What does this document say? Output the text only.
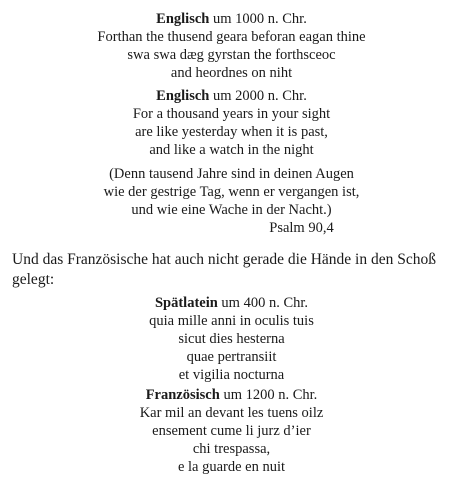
Englisch um 1000 n. Chr.
Forthan the thusend geara beforan eagan thine
swa swa dæg gyrstan the forthsceoc
and heordnes on niht
Englisch um 2000 n. Chr.
For a thousand years in your sight
are like yesterday when it is past,
and like a watch in the night
(Denn tausend Jahre sind in deinen Augen
wie der gestrige Tag, wenn er vergangen ist,
und wie eine Wache in der Nacht.)
Psalm 90,4
Und das Französische hat auch nicht gerade die Hände in den Schoß gelegt:
Spätlatein um 400 n. Chr.
quia mille anni in oculis tuis
sicut dies hesterna
quae pertransiit
et vigilia nocturna
Französisch um 1200 n. Chr.
Kar mil an devant les tuens oilz
ensement cume li jurz d’ier
chi trespassa,
e la guarde en nuit
